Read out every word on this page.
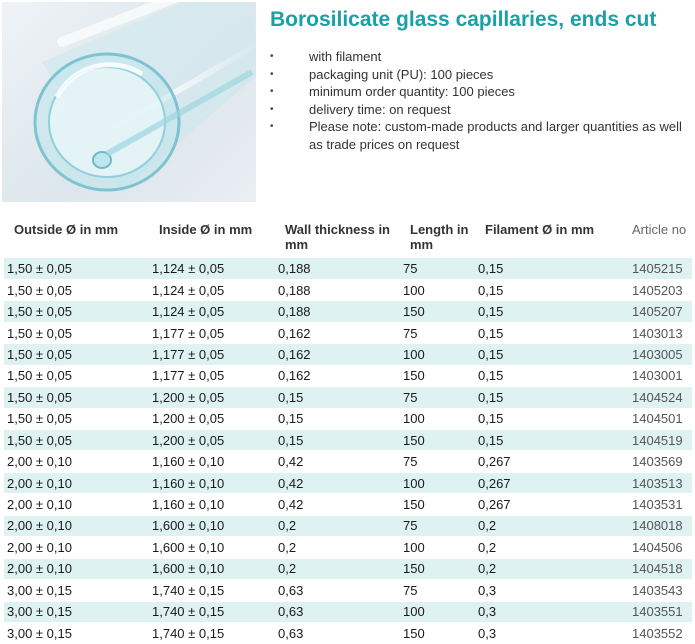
Borosilicate glass capillaries, ends cut
•	with filament
•	packaging unit (PU): 100 pieces
•	minimum order quantity: 100 pieces
•	delivery time: on request
•	Please note: custom-made products and larger quantities as well as trade prices on request
Outside Ø in mm	Inside Ø in mm	Wall thickness in mm	Length in mm	Filament Ø in mm	Article no
1,50 ± 0,05	1,124 ± 0,05	0,188	75	0,15	1405215
1,50 ± 0,05	1,124 ± 0,05	0,188	100	0,15	1405203
1,50 ± 0,05	1,124 ± 0,05	0,188	150	0,15	1405207
1,50 ± 0,05	1,177 ± 0,05	0,162	75	0,15	1403013
1,50 ± 0,05	1,177 ± 0,05	0,162	100	0,15	1403005
1,50 ± 0,05	1,177 ± 0,05	0,162	150	0,15	1403001
1,50 ± 0,05	1,200 ± 0,05	0,15	75	0,15	1404524
1,50 ± 0,05	1,200 ± 0,05	0,15	100	0,15	1404501
1,50 ± 0,05	1,200 ± 0,05	0,15	150	0,15	1404519
2,00 ± 0,10	1,160 ± 0,10	0,42	75	0,267	1403569
2,00 ± 0,10	1,160 ± 0,10	0,42	100	0,267	1403513
2,00 ± 0,10	1,160 ± 0,10	0,42	150	0,267	1403531
2,00 ± 0,10	1,600 ± 0,10	0,2	75	0,2	1408018
2,00 ± 0,10	1,600 ± 0,10	0,2	100	0,2	1404506
2,00 ± 0,10	1,600 ± 0,10	0,2	150	0,2	1404518
3,00 ± 0,15	1,740 ± 0,15	0,63	75	0,3	1403543
3,00 ± 0,15	1,740 ± 0,15	0,63	100	0,3	1403551
3,00 ± 0,15	1,740 ± 0,15	0,63	150	0,3	1403552
